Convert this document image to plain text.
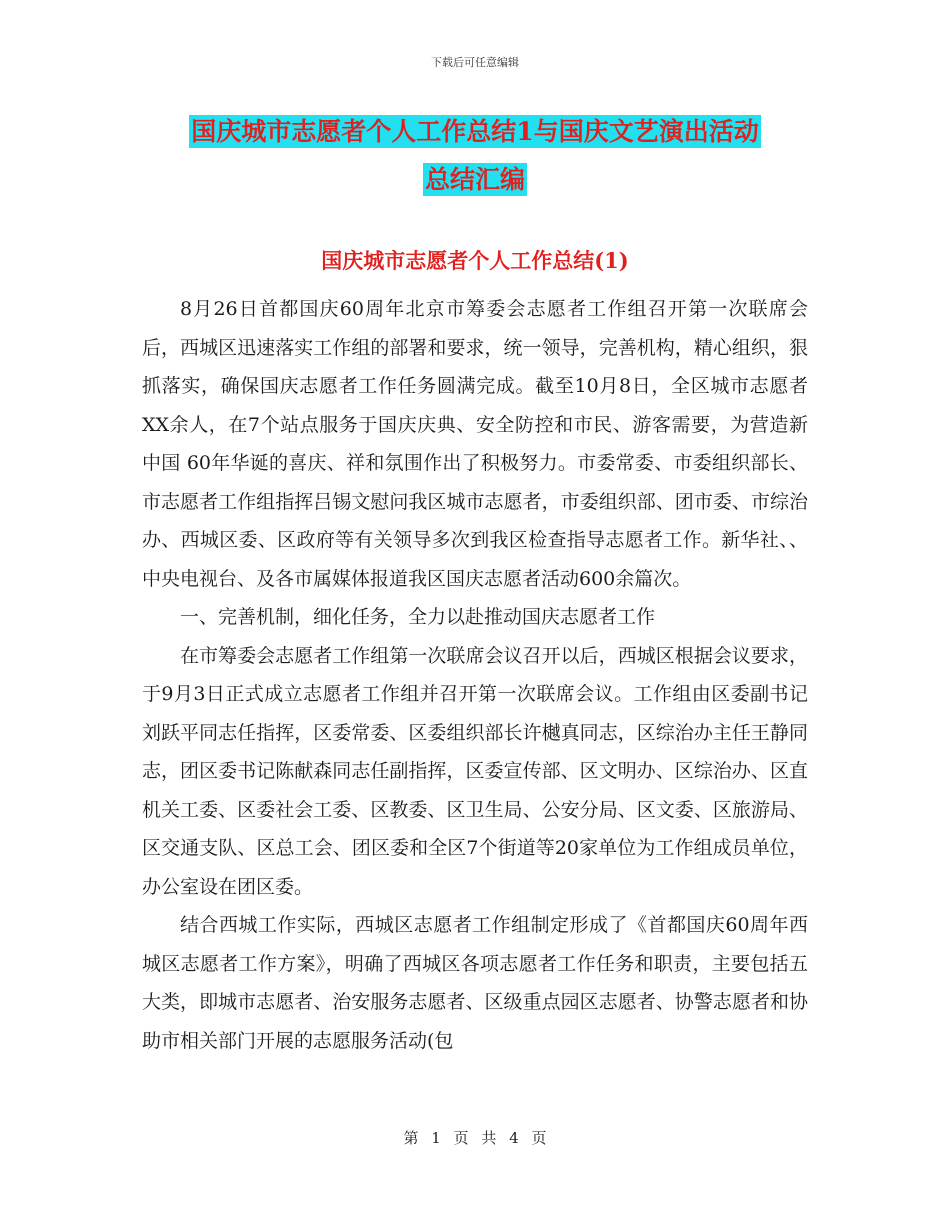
下载后可任意编辑
国庆城市志愿者个人工作总结1与国庆文艺演出活动
总结汇编
国庆城市志愿者个人工作总结(1)

8月26日首都国庆60周年北京市筹委会志愿者工作组召开第一次联席会后，西城区迅速落实工作组的部署和要求，统一领导，完善机构，精心组织，狠抓落实，确保国庆志愿者工作任务圆满完成。截至10月8日，全区城市志愿者XX余人，在7个站点服务于国庆庆典、安全防控和市民、游客需要，为营造新中国 60年华诞的喜庆、祥和氛围作出了积极努力。市委常委、市委组织部长、市志愿者工作组指挥吕锡文慰问我区城市志愿者，市委组织部、团市委、市综治办、西城区委、区政府等有关领导多次到我区检查指导志愿者工作。新华社、、中央电视台、及各市属媒体报道我区国庆志愿者活动600余篇次。

一、完善机制，细化任务，全力以赴推动国庆志愿者工作

在市筹委会志愿者工作组第一次联席会议召开以后，西城区根据会议要求，于9月3日正式成立志愿者工作组并召开第一次联席会议。工作组由区委副书记刘跃平同志任指挥，区委常委、区委组织部长许樾真同志，区综治办主任王静同志，团区委书记陈献森同志任副指挥，区委宣传部、区文明办、区综治办、区直机关工委、区委社会工委、区教委、区卫生局、公安分局、区文委、区旅游局、区交通支队、区总工会、团区委和全区7个街道等20家单位为工作组成员单位，办公室设在团区委。

结合西城工作实际，西城区志愿者工作组制定形成了《首都国庆60周年西城区志愿者工作方案》，明确了西城区各项志愿者工作任务和职责，主要包括五大类，即城市志愿者、治安服务志愿者、区级重点园区志愿者、协警志愿者和协助市相关部门开展的志愿服务活动(包

第 1 页 共 4 页
